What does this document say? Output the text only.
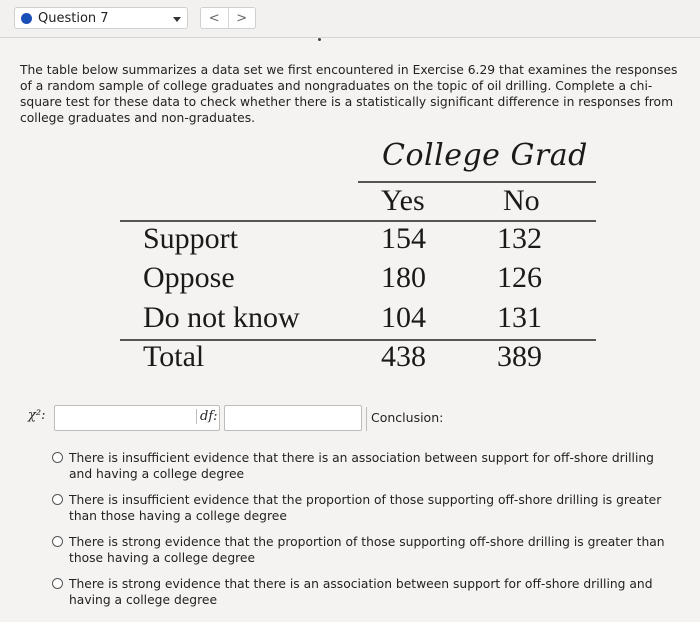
Question 7	<	>
The table below summarizes a data set we first encountered in Exercise 6.29 that examines the responses of a random sample of college graduates and nongraduates on the topic of oil drilling. Complete a chi-square test for these data to check whether there is a statistically significant difference in responses from college graduates and non-graduates.
College Grad
Yes	No
Support	154 132
Oppose	180 126
Do not know	104 131
Total	438 389
χ²:	df:	Conclusion:
There is insufficient evidence that there is an association between support for off-shore drilling and having a college degree
There is insufficient evidence that the proportion of those supporting off-shore drilling is greater than those having a college degree
There is strong evidence that the proportion of those supporting off-shore drilling is greater than those having a college degree
There is strong evidence that there is an association between support for off-shore drilling and having a college degree
